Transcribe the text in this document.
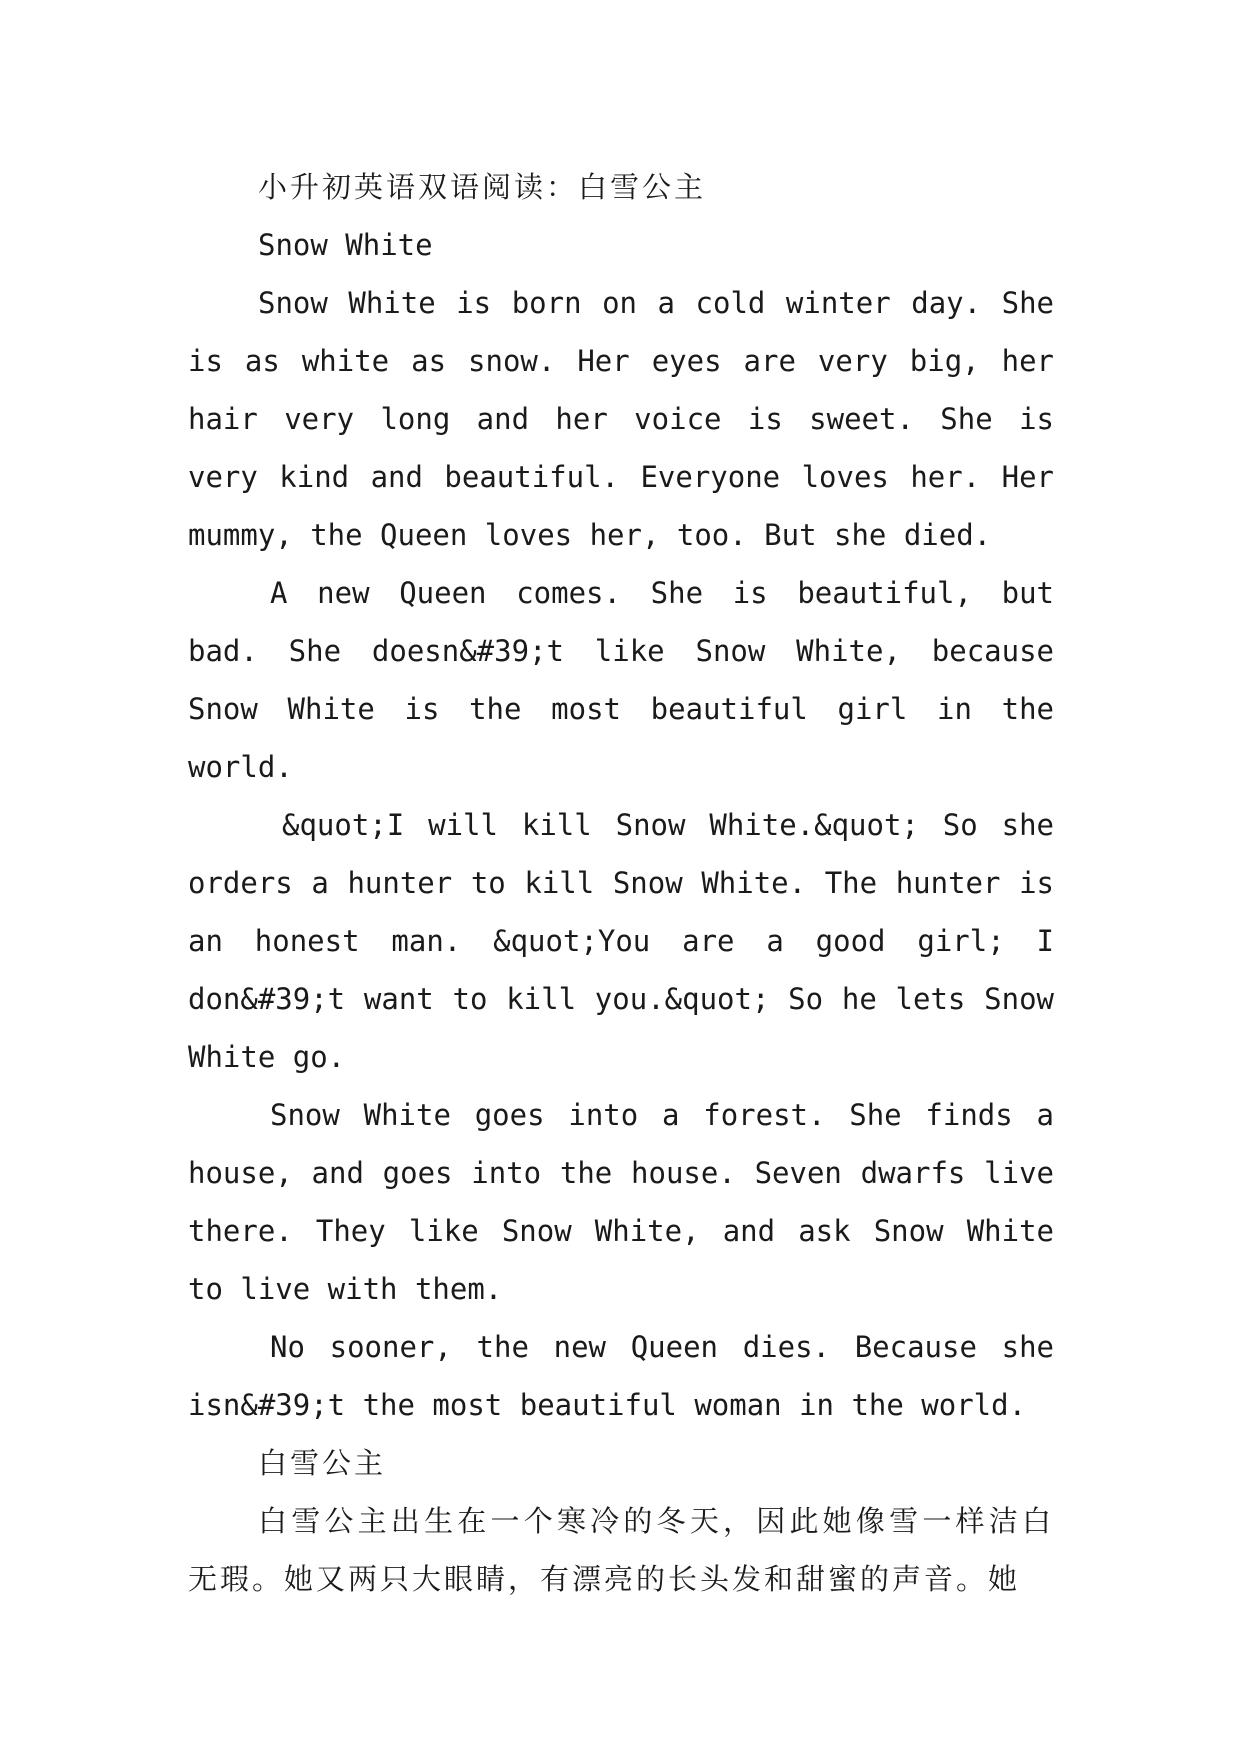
小升初英语双语阅读：白雪公主

Snow White

Snow White is born on a cold winter day. She is as white as snow. Her eyes are very big, her hair very long and her voice is sweet. She is very kind and beautiful. Everyone loves her. Her mummy, the Queen loves her, too. But she died.

A new Queen comes. She is beautiful, but bad. She doesn&#39;t like Snow White, because Snow White is the most beautiful girl in the world.

&quot;I will kill Snow White.&quot; So she orders a hunter to kill Snow White. The hunter is an honest man. &quot;You are a good girl; I don&#39;t want to kill you.&quot; So he lets Snow White go.

Snow White goes into a forest. She finds a house, and goes into the house. Seven dwarfs live there. They like Snow White, and ask Snow White to live with them.

No sooner, the new Queen dies. Because she isn&#39;t the most beautiful woman in the world.

白雪公主

白雪公主出生在一个寒冷的冬天，因此她像雪一样洁白无瑕。她又两只大眼睛，有漂亮的长头发和甜蜜的声音。她
